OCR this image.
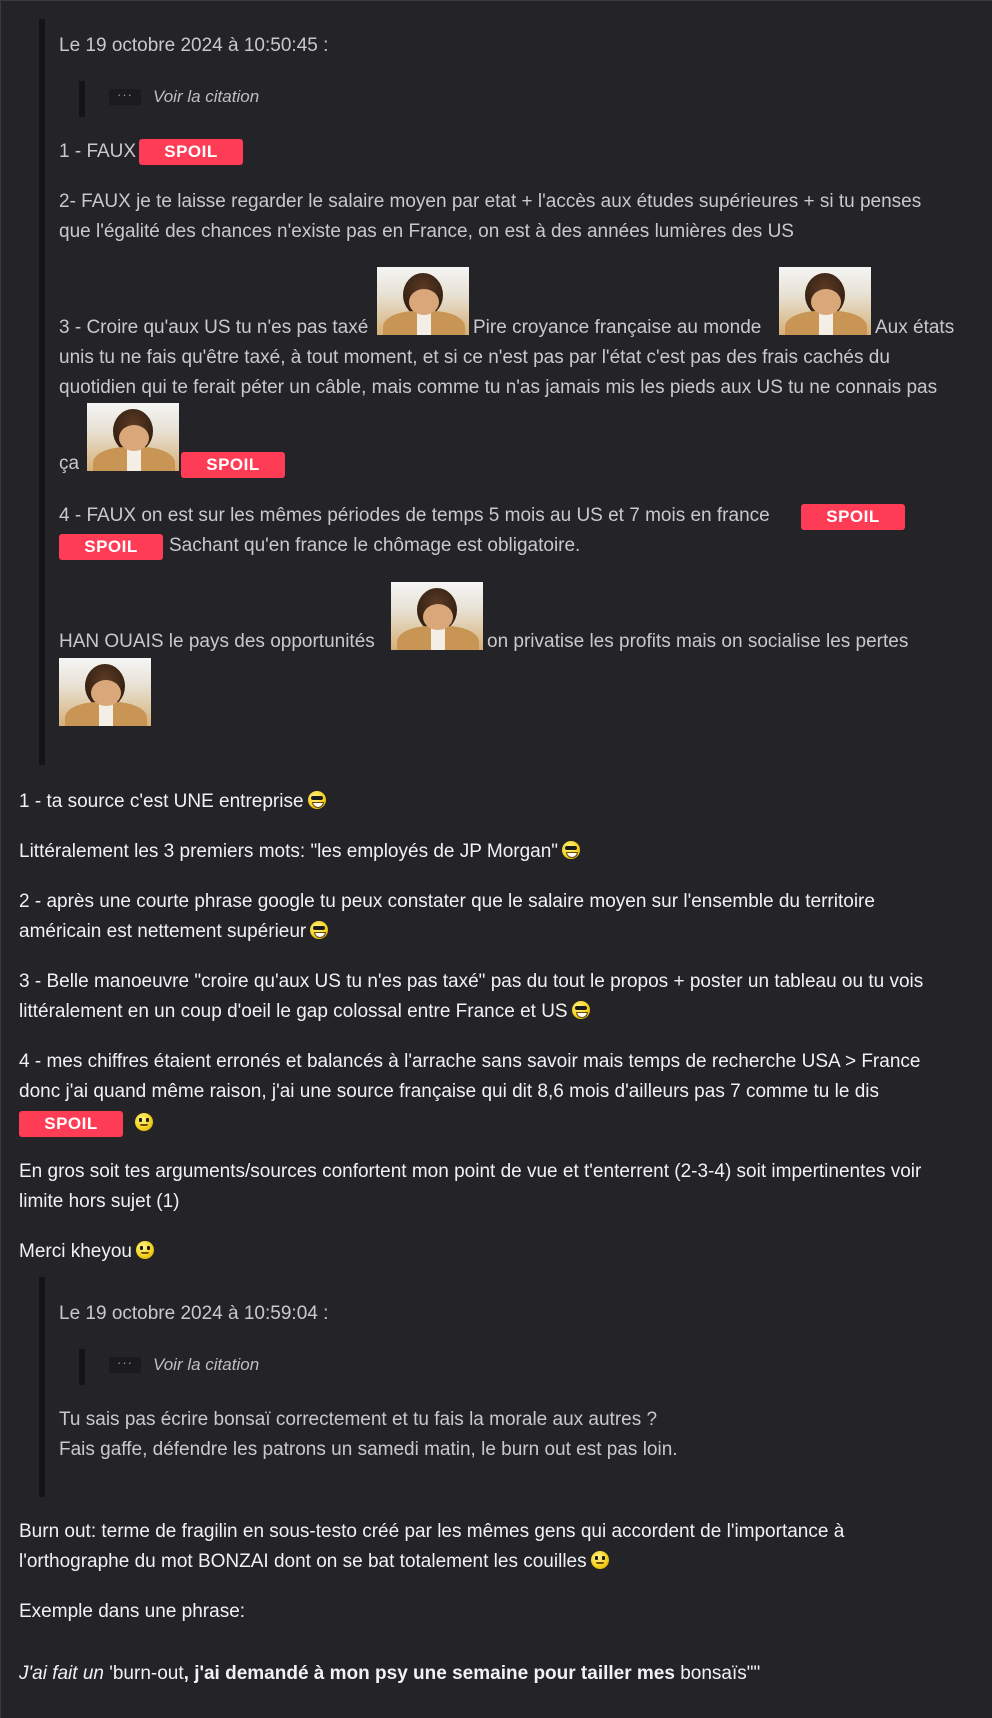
Le 19 octobre 2024 à 10:50:45 :
···	Voir la citation
1 - FAUX	SPOIL
2- FAUX je te laisse regarder le salaire moyen par etat + l'accès aux études supérieures + si tu penses
que l'égalité des chances n'existe pas en France, on est à des années lumières des US
3 - Croire qu'aux US tu n'es pas taxé	Pire croyance française au monde	Aux états
unis tu ne fais qu'être taxé, à tout moment, et si ce n'est pas par l'état c'est pas des frais cachés du
quotidien qui te ferait péter un câble, mais comme tu n'as jamais mis les pieds aux US tu ne connais pas
ça	SPOIL
4 - FAUX on est sur les mêmes périodes de temps 5 mois au US et 7 mois en france	SPOIL
SPOIL	Sachant qu'en france le chômage est obligatoire.
HAN OUAIS le pays des opportunités	on privatise les profits mais on socialise les pertes
1 - ta source c'est UNE entreprise
Littéralement les 3 premiers mots: "les employés de JP Morgan"
2 - après une courte phrase google tu peux constater que le salaire moyen sur l'ensemble du territoire
américain est nettement supérieur
3 - Belle manoeuvre "croire qu'aux US tu n'es pas taxé" pas du tout le propos + poster un tableau ou tu vois
littéralement en un coup d'oeil le gap colossal entre France et US
4 - mes chiffres étaient erronés et balancés à l'arrache sans savoir mais temps de recherche USA > France
donc j'ai quand même raison, j'ai une source française qui dit 8,6 mois d'ailleurs pas 7 comme tu le dis
SPOIL
En gros soit tes arguments/sources confortent mon point de vue et t'enterrent (2-3-4) soit impertinentes voir
limite hors sujet (1)
Merci kheyou
Le 19 octobre 2024 à 10:59:04 :
···	Voir la citation
Tu sais pas écrire bonsaï correctement et tu fais la morale aux autres ?
Fais gaffe, défendre les patrons un samedi matin, le burn out est pas loin.
Burn out: terme de fragilin en sous-testo créé par les mêmes gens qui accordent de l'importance à
l'orthographe du mot BONZAI dont on se bat totalement les couilles
Exemple dans une phrase:
J'ai fait un 'burn-out, j'ai demandé à mon psy une semaine pour tailler mes bonsaïs""
